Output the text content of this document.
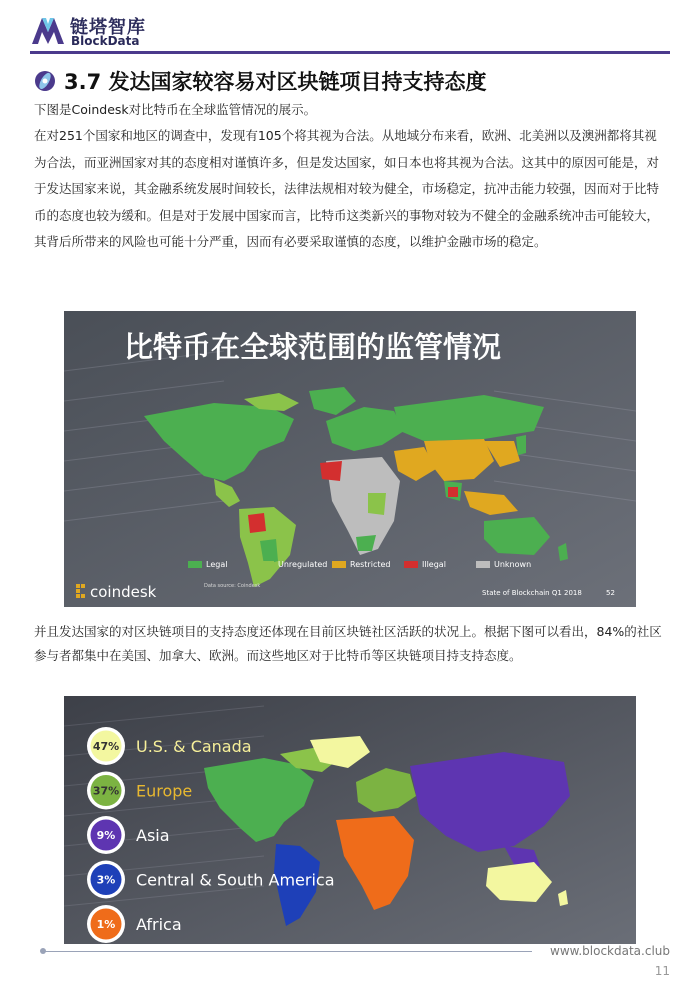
链塔智库
BlockData
3.7 发达国家较容易对区块链项目持支持态度
下图是Coindesk对比特币在全球监管情况的展示。
在对251个国家和地区的调查中，发现有105个将其视为合法。从地域分布来看，欧洲、北美洲以及澳洲都将其视为合法，而亚洲国家对其的态度相对谨慎许多，但是发达国家，如日本也将其视为合法。这其中的原因可能是，对于发达国家来说，其金融系统发展时间较长，法律法规相对较为健全，市场稳定，抗冲击能力较强，因而对于比特币的态度也较为缓和。但是对于发展中国家而言，比特币这类新兴的事物对较为不健全的金融系统冲击可能较大，其背后所带来的风险也可能十分严重，因而有必要采取谨慎的态度，以维护金融市场的稳定。
比特币在全球范围的监管情况
Data source: Coindesk
Legal	Unregulated	Restricted	Illegal	Unknown
coindesk	State of Blockchain Q1 2018	52
并且发达国家的对区块链项目的支持态度还体现在目前区块链社区活跃的状况上。根据下图可以看出，84%的社区参与者都集中在美国、加拿大、欧洲。而这些地区对于比特币等区块链项目持支持态度。
47% U.S. & Canada
37% Europe
9% Asia
3% Central & South America
1% Africa
www.blockdata.club
11
